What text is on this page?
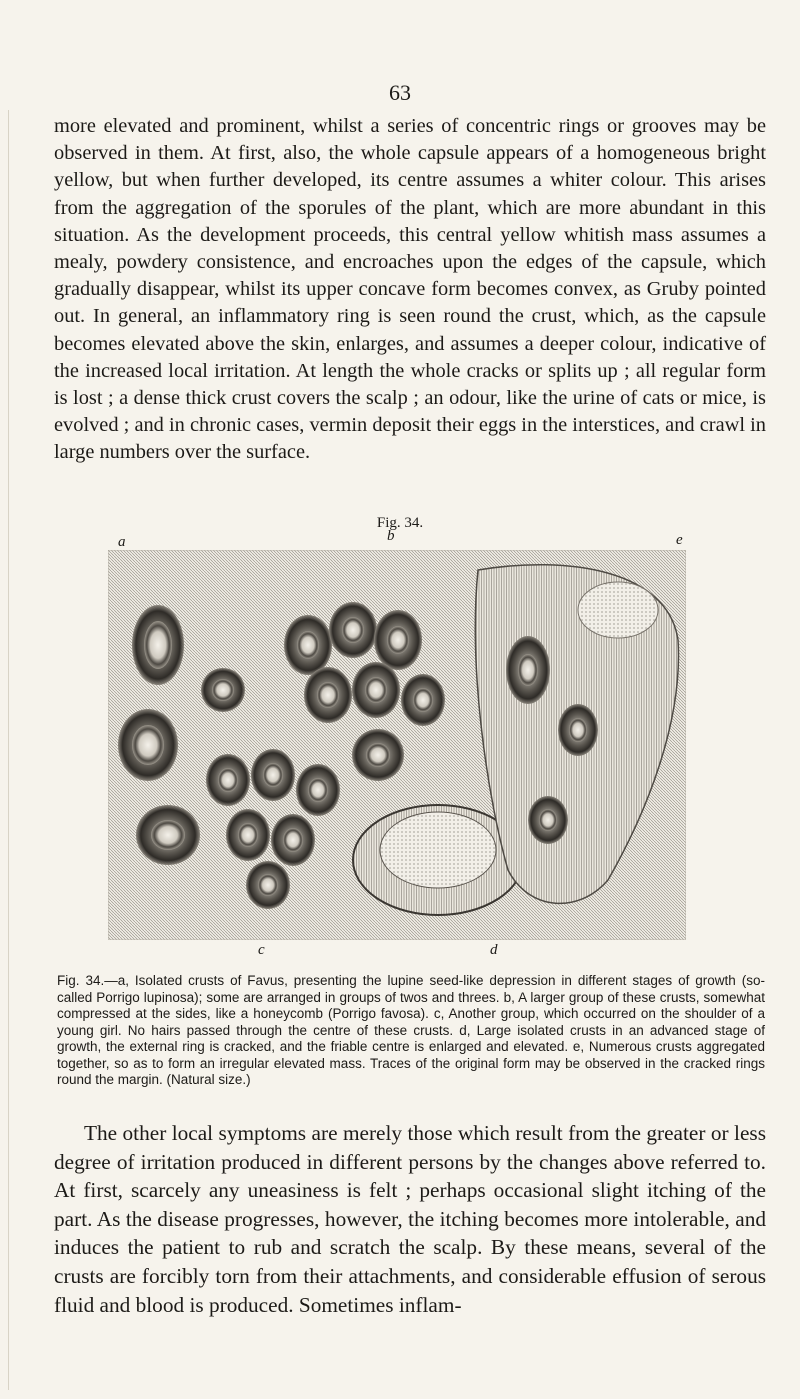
63

more elevated and prominent, whilst a series of concentric rings or grooves may be observed in them. At first, also, the whole capsule appears of a homogeneous bright yellow, but when further developed, its centre assumes a whiter colour. This arises from the aggregation of the sporules of the plant, which are more abundant in this situation. As the development proceeds, this central yellow whitish mass assumes a mealy, powdery consistence, and encroaches upon the edges of the capsule, which gradually disappear, whilst its upper concave form becomes convex, as Gruby pointed out. In general, an inflammatory ring is seen round the crust, which, as the capsule becomes elevated above the skin, enlarges, and assumes a deeper colour, indicative of the increased local irritation. At length the whole cracks or splits up ; all regular form is lost ; a dense thick crust covers the scalp ; an odour, like the urine of cats or mice, is evolved ; and in chronic cases, vermin deposit their eggs in the interstices, and crawl in large numbers over the surface.

Fig. 34.
a	b	e
c	d

Fig. 34.—a, Isolated crusts of Favus, presenting the lupine seed-like depression in different stages of growth (so-called Porrigo lupinosa); some are arranged in groups of twos and threes. b, A larger group of these crusts, somewhat compressed at the sides, like a honeycomb (Porrigo favosa). c, Another group, which occurred on the shoulder of a young girl. No hairs passed through the centre of these crusts. d, Large isolated crusts in an advanced stage of growth, the external ring is cracked, and the friable centre is enlarged and elevated. e, Numerous crusts aggregated together, so as to form an irregular elevated mass. Traces of the original form may be observed in the cracked rings round the margin. (Natural size.)

The other local symptoms are merely those which result from the greater or less degree of irritation produced in different persons by the changes above referred to. At first, scarcely any uneasiness is felt ; perhaps occasional slight itching of the part. As the disease progresses, however, the itching becomes more intolerable, and induces the patient to rub and scratch the scalp. By these means, several of the crusts are forcibly torn from their attachments, and considerable effusion of serous fluid and blood is produced. Sometimes inflam-
